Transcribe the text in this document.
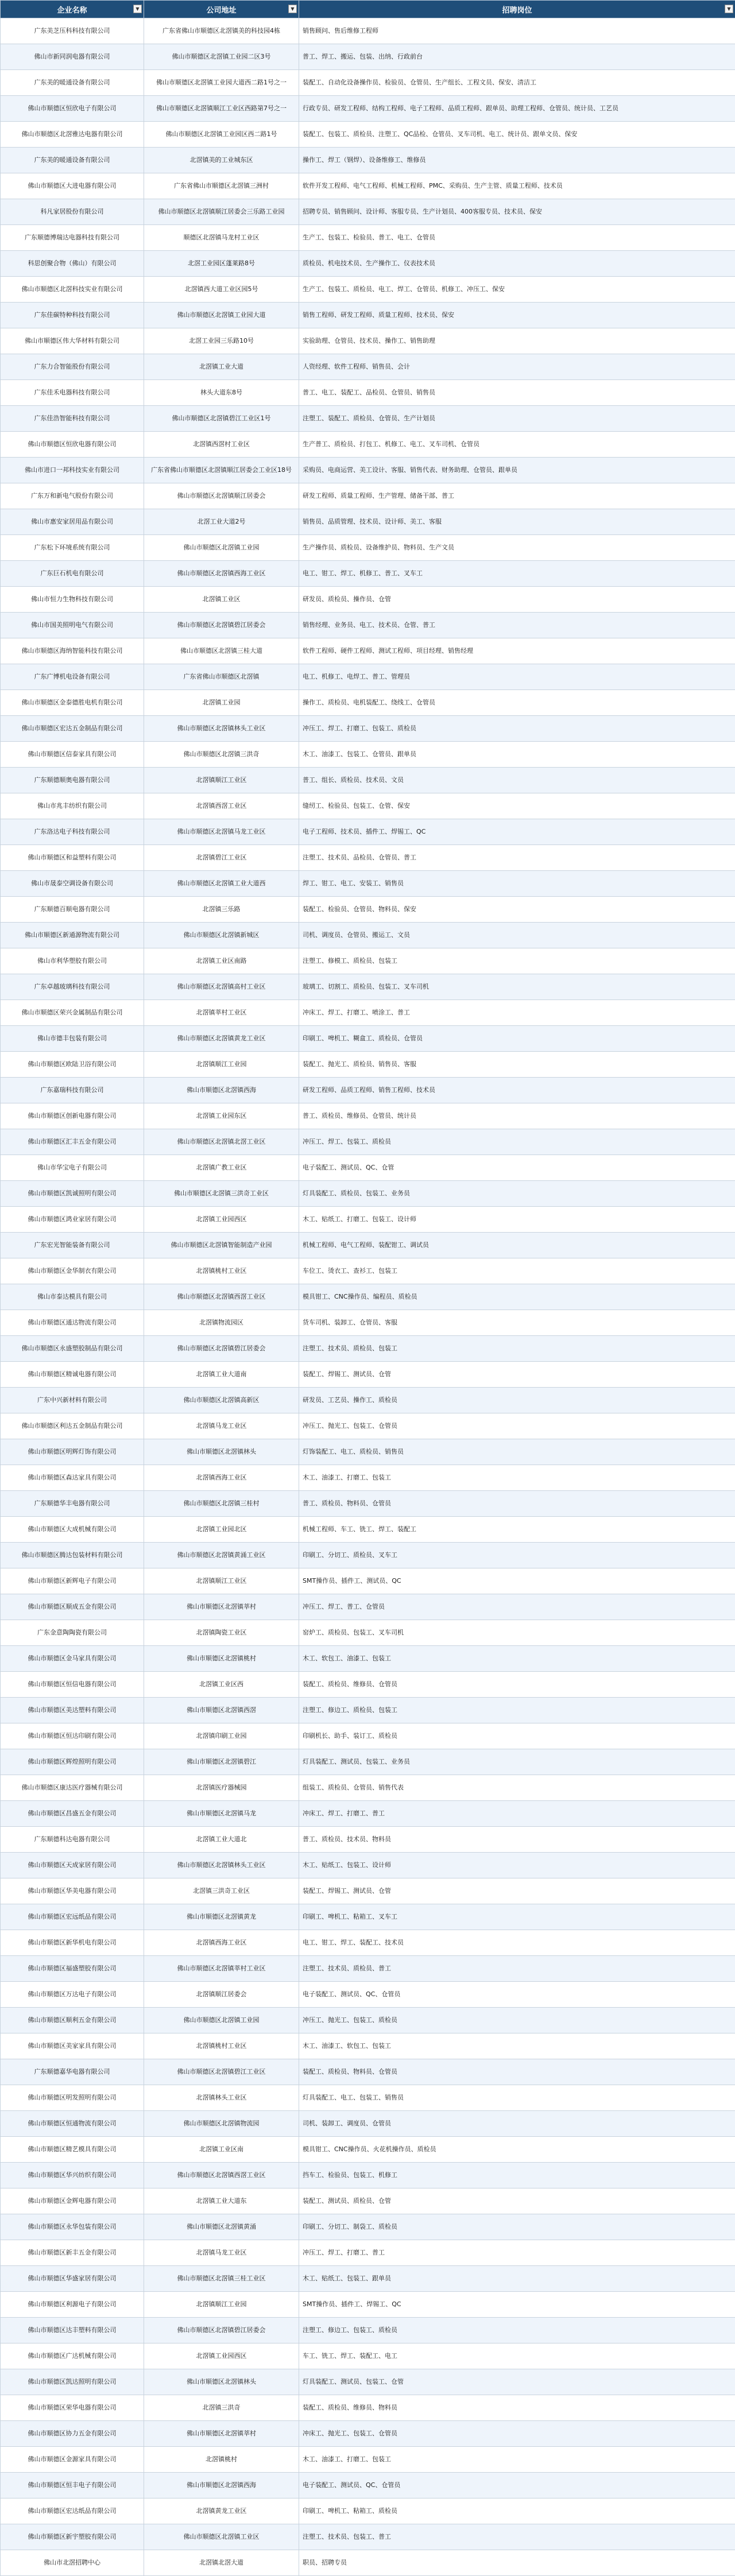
企业名称 ▼	公司地址 ▼	招聘岗位 ▼

广东美芝压科科技有限公司	广东省佛山市顺德区北滘镇美的科技园4栋	销售顾问、售后维修工程师
佛山市新同润电器有限公司	佛山市顺德区北滘镇工业园二区3号	普工、焊工、搬运、包装、出纳、行政前台
广东美的暖通设备有限公司	佛山市顺德区北滘镇工业园大道西二路1号之一	装配工、自动化设备操作员、检验员、仓管员、生产组长、工程文员、保安、清洁工
佛山市顺德区恒欣电子有限公司	佛山市顺德区北滘镇顺江工业区西路第7号之一	行政专员、研发工程师、结构工程师、电子工程师、品质工程师、跟单员、助理工程师、仓管员、统计员、工艺员
佛山市顺德区北滘雅达电器有限公司	佛山市顺德区北滘镇工业园区西二路1号	装配工、包装工、质检员、注塑工、QC品检、仓管员、叉车司机、电工、统计员、跟单文员、保安
广东美的暖通设备有限公司	北滘镇美的工业城东区	操作工、焊工（钢焊）、设备维修工、维修员
佛山市顺德区大进电器有限公司	广东省佛山市顺德区北滘镇三洲村	软件开发工程师、电气工程师、机械工程师、PMC、采购员、生产主管、质量工程师、技术员
科凡家居股份有限公司	佛山市顺德区北滘镇顺江居委会三乐路工业园	招聘专员、销售顾问、设计师、客服专员、生产计划员、400客服专员、技术员、保安
广东顺德博瑞达电器科技有限公司	顺德区北滘镇马龙村工业区	生产工、包装工、检验员、普工、电工、仓管员
科思创聚合物（佛山）有限公司	北滘工业园区蓬莱路8号	质检员、机电技术员、生产操作工、仪表技术员
佛山市顺德区北滘科技实业有限公司	北滘镇西大道工业区园5号	生产工、包装工、质检员、电工、焊工、仓管员、机修工、冲压工、保安
广东佳碳特种科技有限公司	佛山市顺德区北滘镇工业园大道	销售工程师、研发工程师、质量工程师、技术员、保安
佛山市顺德区伟大华材料有限公司	北滘工业园三乐路10号	实验助理、仓管员、技术员、操作工、销售助理
广东力合智能股份有限公司	北滘镇工业大道	人资经理、软件工程师、销售员、会计
广东佳禾电器科技有限公司	林头大道东8号	普工、电工、装配工、品检员、仓管员、销售员
广东佳浩智能科技有限公司	佛山市顺德区北滘镇碧江工业区1号	注塑工、装配工、质检员、仓管员、生产计划员
佛山市顺德区恒欣电器有限公司	北滘镇西滘村工业区	生产普工、质检员、打包工、机修工、电工、叉车司机、仓管员
佛山市进口一邦科技实业有限公司	广东省佛山市顺德区北滘镇顺江居委会工业区18号	采购员、电商运营、美工设计、客服、销售代表、财务助理、仓管员、跟单员
广东万和新电气股份有限公司	佛山市顺德区北滘镇顺江居委会	研发工程师、质量工程师、生产管理、储备干部、普工
佛山市惠安家居用品有限公司	北滘工业大道2号	销售员、品质管理、技术员、设计师、美工、客服
广东松下环境系统有限公司	佛山市顺德区北滘镇工业园	生产操作员、质检员、设备维护员、物料员、生产文员
广东巨石机电有限公司	佛山市顺德区北滘镇西海工业区	电工、钳工、焊工、机修工、普工、叉车工
佛山市恒力生物科技有限公司	北滘镇工业区	研发员、质检员、操作员、仓管
佛山市国美照明电气有限公司	佛山市顺德区北滘镇碧江居委会	销售经理、业务员、电工、技术员、仓管、普工
佛山市顺德区海纳智能科技有限公司	佛山市顺德区北滘镇三桂大道	软件工程师、硬件工程师、测试工程师、项目经理、销售经理
广东广博机电设备有限公司	广东省佛山市顺德区北滘镇	电工、机修工、电焊工、普工、管理员
佛山市顺德区金泰德胜电机有限公司	北滘镇工业园	操作工、质检员、电机装配工、绕线工、仓管员
佛山市顺德区宏达五金制品有限公司	佛山市顺德区北滘镇林头工业区	冲压工、焊工、打磨工、包装工、质检员
佛山市顺德区信泰家具有限公司	佛山市顺德区北滘镇三洪奇	木工、油漆工、包装工、仓管员、跟单员
广东顺德顺奥电器有限公司	北滘镇顺江工业区	普工、组长、质检员、技术员、文员
佛山市兆丰纺织有限公司	北滘镇西滘工业区	缝纫工、检验员、包装工、仓管、保安
广东洛达电子科技有限公司	佛山市顺德区北滘镇马龙工业区	电子工程师、技术员、插件工、焊锡工、QC
佛山市顺德区和益塑料有限公司	北滘镇碧江工业区	注塑工、技术员、品检员、仓管员、普工
佛山市晟泰空调设备有限公司	佛山市顺德区北滘镇工业大道西	焊工、钳工、电工、安装工、销售员
广东顺德百顺电器有限公司	北滘镇三乐路	装配工、检验员、仓管员、物料员、保安
佛山市顺德区新通源物流有限公司	佛山市顺德区北滘镇新城区	司机、调度员、仓管员、搬运工、文员
佛山市利华塑胶有限公司	北滘镇工业区南路	注塑工、修模工、质检员、包装工
广东卓越玻璃科技有限公司	佛山市顺德区北滘镇高村工业区	玻璃工、切割工、质检员、包装工、叉车司机
佛山市顺德区荣兴金属制品有限公司	北滘镇莘村工业区	冲床工、焊工、打磨工、喷涂工、普工
佛山市德丰包装有限公司	佛山市顺德区北滘镇黄龙工业区	印刷工、啤机工、糊盒工、质检员、仓管员
佛山市顺德区欧陆卫浴有限公司	北滘镇顺江工业园	装配工、抛光工、质检员、销售员、客服
广东嘉瑞科技有限公司	佛山市顺德区北滘镇西海	研发工程师、品质工程师、销售工程师、技术员
佛山市顺德区创新电器有限公司	北滘镇工业园东区	普工、质检员、维修员、仓管员、统计员
佛山市顺德区汇丰五金有限公司	佛山市顺德区北滘镇北滘工业区	冲压工、焊工、包装工、质检员
佛山市华宝电子有限公司	北滘镇广教工业区	电子装配工、测试员、QC、仓管
佛山市顺德区凯诚照明有限公司	佛山市顺德区北滘镇三洪奇工业区	灯具装配工、质检员、包装工、业务员
佛山市顺德区鸿业家居有限公司	北滘镇工业园西区	木工、贴纸工、打磨工、包装工、设计师
广东宏光智能装备有限公司	佛山市顺德区北滘镇智能制造产业园	机械工程师、电气工程师、装配钳工、调试员
佛山市顺德区金华制衣有限公司	北滘镇桃村工业区	车位工、烫衣工、查衫工、包装工
佛山市泰达模具有限公司	佛山市顺德区北滘镇西滘工业区	模具钳工、CNC操作员、编程员、质检员
佛山市顺德区通达物流有限公司	北滘镇物流园区	货车司机、装卸工、仓管员、客服
佛山市顺德区永盛塑胶制品有限公司	佛山市顺德区北滘镇碧江居委会	注塑工、技术员、质检员、包装工
佛山市顺德区精诚电器有限公司	北滘镇工业大道南	装配工、焊锡工、测试员、仓管
广东中兴新材料有限公司	佛山市顺德区北滘镇高新区	研发员、工艺员、操作工、质检员
佛山市顺德区利达五金制品有限公司	北滘镇马龙工业区	冲压工、抛光工、包装工、仓管员
佛山市顺德区明辉灯饰有限公司	佛山市顺德区北滘镇林头	灯饰装配工、电工、质检员、销售员
佛山市顺德区森达家具有限公司	北滘镇西海工业区	木工、油漆工、打磨工、包装工
广东顺德华丰电器有限公司	佛山市顺德区北滘镇三桂村	普工、质检员、物料员、仓管员
佛山市顺德区大成机械有限公司	北滘镇工业园北区	机械工程师、车工、铣工、焊工、装配工
佛山市顺德区腾达包装材料有限公司	佛山市顺德区北滘镇黄涌工业区	印刷工、分切工、质检员、叉车工
佛山市顺德区新辉电子有限公司	北滘镇顺江工业区	SMT操作员、插件工、测试员、QC
佛山市顺德区顺成五金有限公司	佛山市顺德区北滘镇莘村	冲压工、焊工、普工、仓管员
广东金意陶陶瓷有限公司	北滘镇陶瓷工业区	窑炉工、质检员、包装工、叉车司机
佛山市顺德区金马家具有限公司	佛山市顺德区北滘镇桃村	木工、软包工、油漆工、包装工
佛山市顺德区恒信电器有限公司	北滘镇工业区西	装配工、质检员、维修员、仓管员
佛山市顺德区美达塑料有限公司	佛山市顺德区北滘镇西滘	注塑工、修边工、质检员、包装工
佛山市顺德区恒达印刷有限公司	北滘镇印刷工业园	印刷机长、助手、装订工、质检员
佛山市顺德区辉煌照明有限公司	佛山市顺德区北滘镇碧江	灯具装配工、测试员、包装工、业务员
佛山市顺德区康达医疗器械有限公司	北滘镇医疗器械园	组装工、质检员、仓管员、销售代表
佛山市顺德区昌盛五金有限公司	佛山市顺德区北滘镇马龙	冲床工、焊工、打磨工、普工
广东顺德科达电器有限公司	北滘镇工业大道北	普工、质检员、技术员、物料员
佛山市顺德区天成家居有限公司	佛山市顺德区北滘镇林头工业区	木工、贴纸工、包装工、设计师
佛山市顺德区华美电器有限公司	北滘镇三洪奇工业区	装配工、焊锡工、测试员、仓管
佛山市顺德区宏远纸品有限公司	佛山市顺德区北滘镇黄龙	印刷工、啤机工、粘箱工、叉车工
佛山市顺德区新华机电有限公司	北滘镇西海工业区	电工、钳工、焊工、装配工、技术员
佛山市顺德区福盛塑胶有限公司	佛山市顺德区北滘镇莘村工业区	注塑工、技术员、质检员、普工
佛山市顺德区万达电子有限公司	北滘镇顺江居委会	电子装配工、测试员、QC、仓管员
佛山市顺德区顺利五金有限公司	佛山市顺德区北滘镇工业园	冲压工、抛光工、包装工、质检员
佛山市顺德区美家家具有限公司	北滘镇桃村工业区	木工、油漆工、软包工、包装工
广东顺德嘉华电器有限公司	佛山市顺德区北滘镇碧江工业区	装配工、质检员、物料员、仓管员
佛山市顺德区明发照明有限公司	北滘镇林头工业区	灯具装配工、电工、包装工、销售员
佛山市顺德区恒通物流有限公司	佛山市顺德区北滘镇物流园	司机、装卸工、调度员、仓管员
佛山市顺德区精艺模具有限公司	北滘镇工业区南	模具钳工、CNC操作员、火花机操作员、质检员
佛山市顺德区华兴纺织有限公司	佛山市顺德区北滘镇西滘工业区	挡车工、检验员、包装工、机修工
佛山市顺德区金辉电器有限公司	北滘镇工业大道东	装配工、测试员、质检员、仓管
佛山市顺德区永华包装有限公司	佛山市顺德区北滘镇黄涌	印刷工、分切工、制袋工、质检员
佛山市顺德区新丰五金有限公司	北滘镇马龙工业区	冲压工、焊工、打磨工、普工
佛山市顺德区华盛家居有限公司	佛山市顺德区北滘镇三桂工业区	木工、贴纸工、包装工、跟单员
佛山市顺德区利源电子有限公司	北滘镇顺江工业园	SMT操作员、插件工、焊锡工、QC
佛山市顺德区达丰塑料有限公司	佛山市顺德区北滘镇碧江居委会	注塑工、修边工、包装工、质检员
佛山市顺德区广达机械有限公司	北滘镇工业园西区	车工、铣工、焊工、装配工、电工
佛山市顺德区凯达照明有限公司	佛山市顺德区北滘镇林头	灯具装配工、测试员、包装工、仓管
佛山市顺德区荣华电器有限公司	北滘镇三洪奇	装配工、质检员、维修员、物料员
佛山市顺德区协力五金有限公司	佛山市顺德区北滘镇莘村	冲床工、抛光工、包装工、仓管员
佛山市顺德区金源家具有限公司	北滘镇桃村	木工、油漆工、打磨工、包装工
佛山市顺德区恒丰电子有限公司	佛山市顺德区北滘镇西海	电子装配工、测试员、QC、仓管员
佛山市顺德区宏达纸品有限公司	北滘镇黄龙工业区	印刷工、啤机工、粘箱工、质检员
佛山市顺德区新宇塑胶有限公司	佛山市顺德区北滘镇工业区	注塑工、技术员、包装工、普工
佛山市北滘招聘中心	北滘镇北滘大道	职员、招聘专员
